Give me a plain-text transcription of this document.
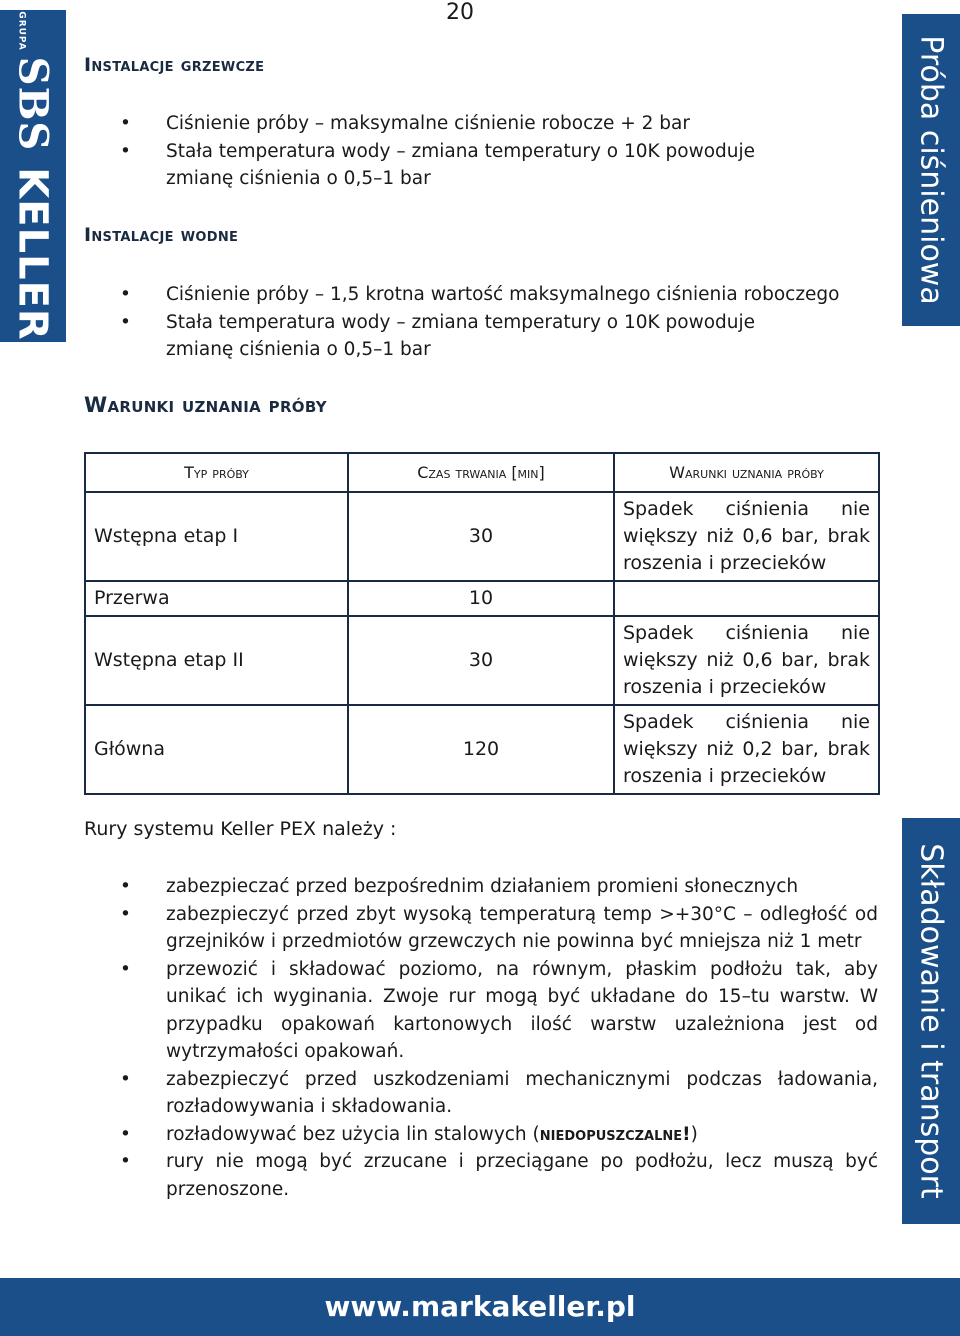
20
GRUPASBSKELLER	Próba ciśnieniowa
Instalacje grzewcze
• Ciśnienie próby – maksymalne ciśnienie robocze + 2 bar
• Stała temperatura wody – zmiana temperatury o 10K powoduje zmianę ciśnienia o 0,5–1 bar
Instalacje wodne
• Ciśnienie próby – 1,5 krotna wartość maksymalnego ciśnienia roboczego
• Stała temperatura wody – zmiana temperatury o 10K powoduje zmianę ciśnienia o 0,5–1 bar
Warunki uznania próby
Typ próby	Czas trwania [min]	Warunki uznania próby
Wstępna etap I	30	Spadek ciśnienia nie większy niż 0,6 bar, brak roszenia i przecieków
Przerwa	10	
Wstępna etap II	30	Spadek ciśnienia nie większy niż 0,6 bar, brak roszenia i przecieków
Główna	120	Spadek ciśnienia nie większy niż 0,2 bar, brak roszenia i przecieków
Rury systemu Keller PEX należy :
• zabezpieczać przed bezpośrednim działaniem promieni słonecznych
• zabezpieczyć przed zbyt wysoką temperaturą temp >+30°C – odległość od grzejników i przedmiotów grzewczych nie powinna być mniejsza niż 1 metr
• przewozić i składować poziomo, na równym, płaskim podłożu tak, aby unikać ich wyginania. Zwoje rur mogą być układane do 15–tu warstw. W przypadku opakowań kartonowych ilość warstw uzależniona jest od wytrzymałości opakowań.
• zabezpieczyć przed uszkodzeniami mechanicznymi podczas ładowania, rozładowywania i składowania.
• rozładowywać bez użycia lin stalowych (niedopuszczalne!)
• rury nie mogą być zrzucane i przeciągane po podłożu, lecz muszą być przenoszone.	Składowanie i transport
www.markakeller.pl
